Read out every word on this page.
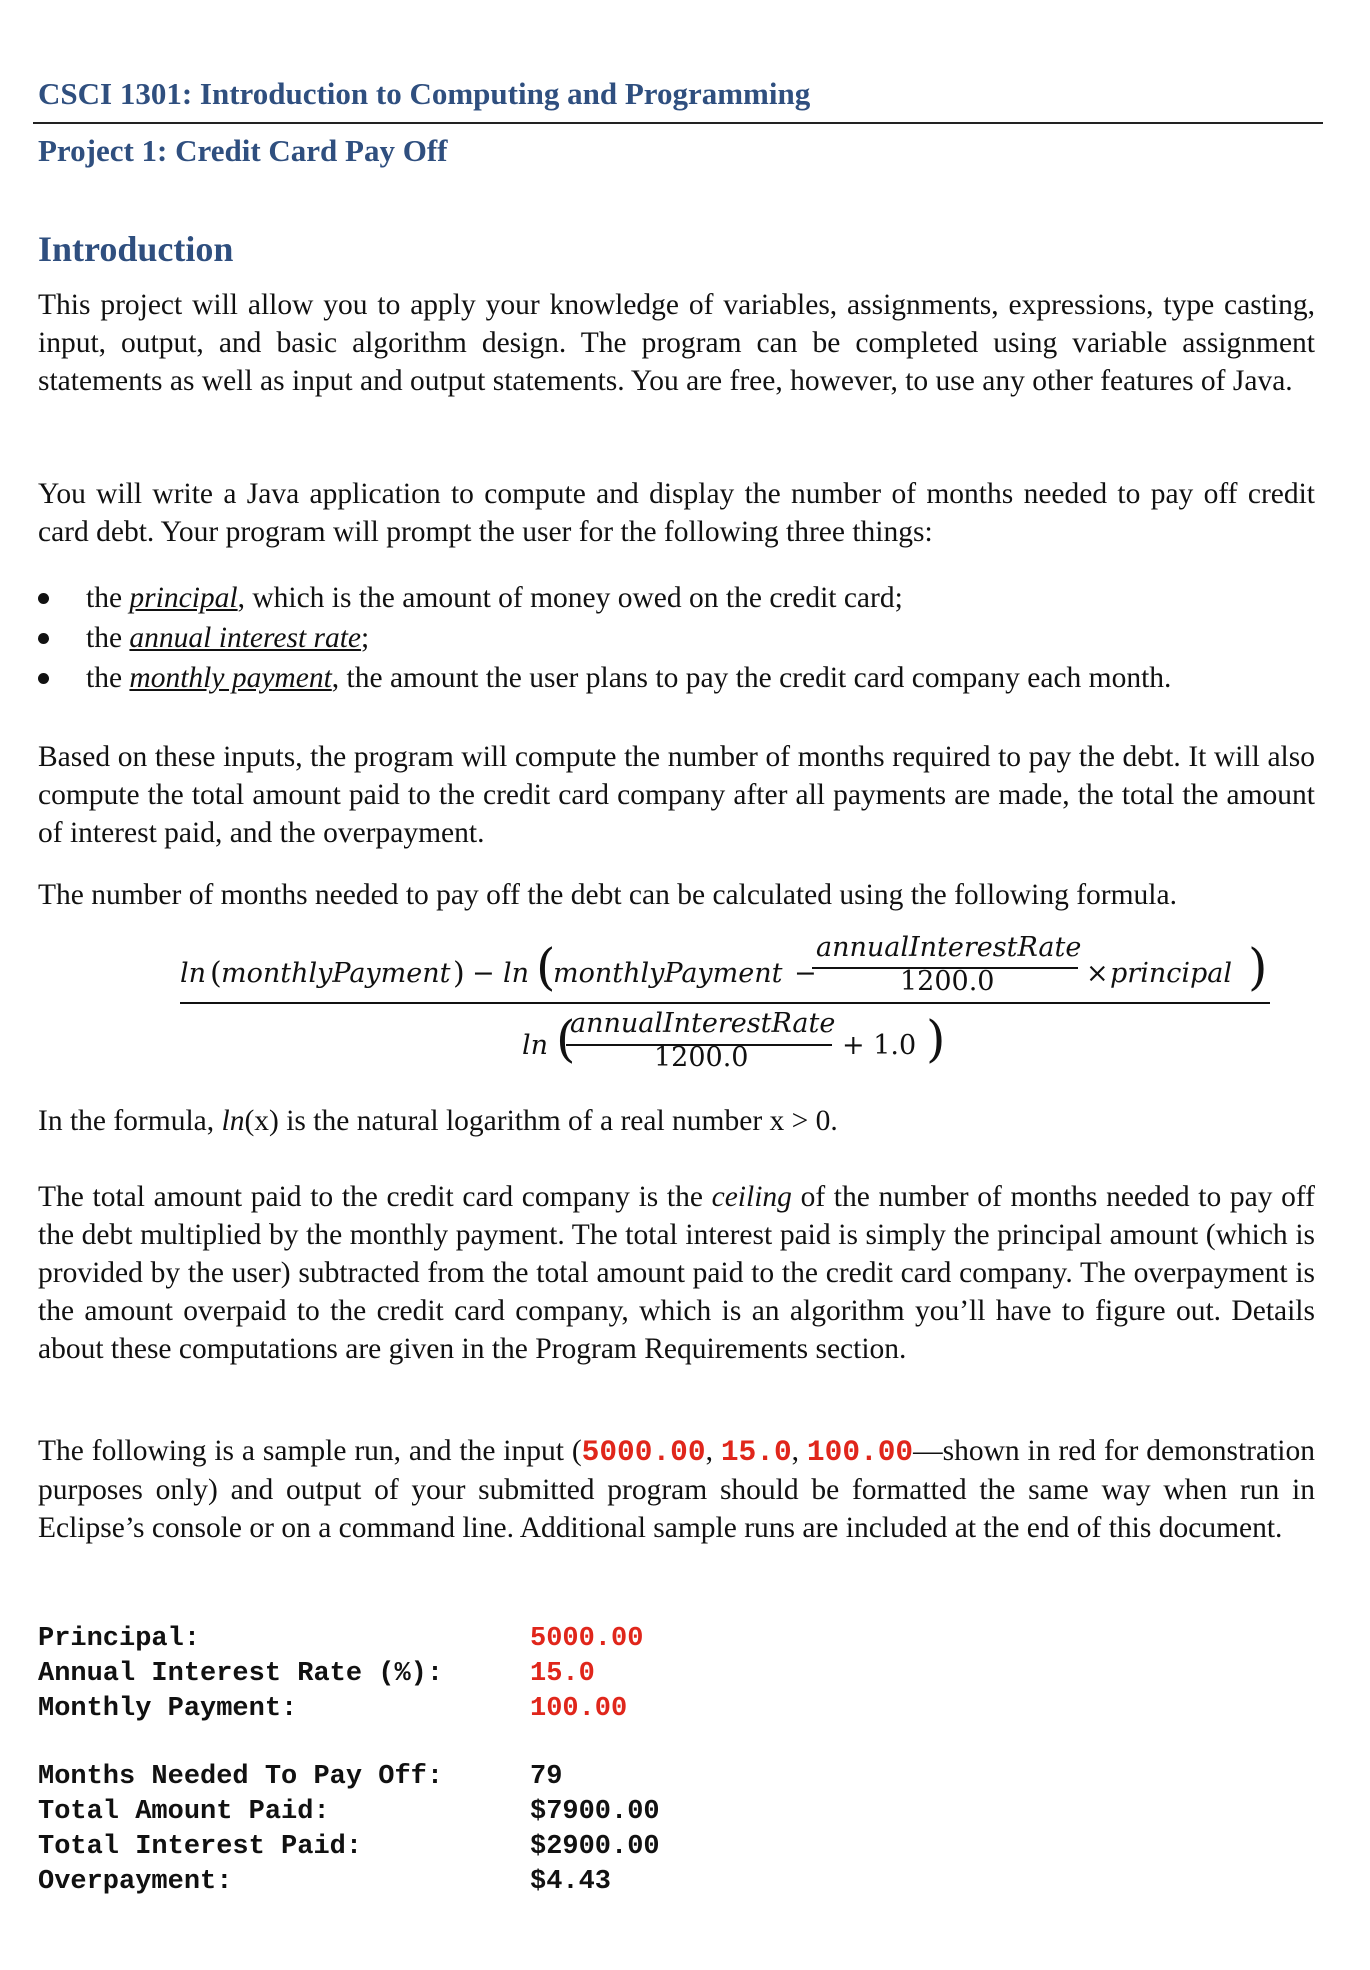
CSCI 1301: Introduction to Computing and Programming
Project 1: Credit Card Pay Off
Introduction

This project will allow you to apply your knowledge of variables, assignments, expressions, type casting, input, output, and basic algorithm design. The program can be completed using variable assignment statements as well as input and output statements. You are free, however, to use any other features of Java.

You will write a Java application to compute and display the number of months needed to pay off credit card debt. Your program will prompt the user for the following three things:

the principal, which is the amount of money owed on the credit card;
the annual interest rate;
the monthly payment, the amount the user plans to pay the credit card company each month.

Based on these inputs, the program will compute the number of months required to pay the debt. It will also compute the total amount paid to the credit card company after all payments are made, the total the amount of interest paid, and the overpayment.

The number of months needed to pay off the debt can be calculated using the following formula.

ln ( monthlyPayment ) − ln (
monthlyPayment −
annualInterestRate
1200.0	× principal )
ln (
annualInterestRate
1200.0	+ 1.0 )

In the formula, ln(x) is the natural logarithm of a real number x > 0.

The total amount paid to the credit card company is the ceiling of the number of months needed to pay off the debt multiplied by the monthly payment. The total interest paid is simply the principal amount (which is provided by the user) subtracted from the total amount paid to the credit card company. The overpayment is the amount overpaid to the credit card company, which is an algorithm you’ll have to figure out. Details about these computations are given in the Program Requirements section.

The following is a sample run, and the input (5000.00, 15.0, 100.00—shown in red for demonstration purposes only) and output of your submitted program should be formatted the same way when run in Eclipse’s console or on a command line. Additional sample runs are included at the end of this document.

Principal:	5000.00
Annual Interest Rate (%):	15.0
Monthly Payment:	100.00
Months Needed To Pay Off:	79
Total Amount Paid:	$7900.00
Total Interest Paid:	$2900.00
Overpayment:	$4.43
